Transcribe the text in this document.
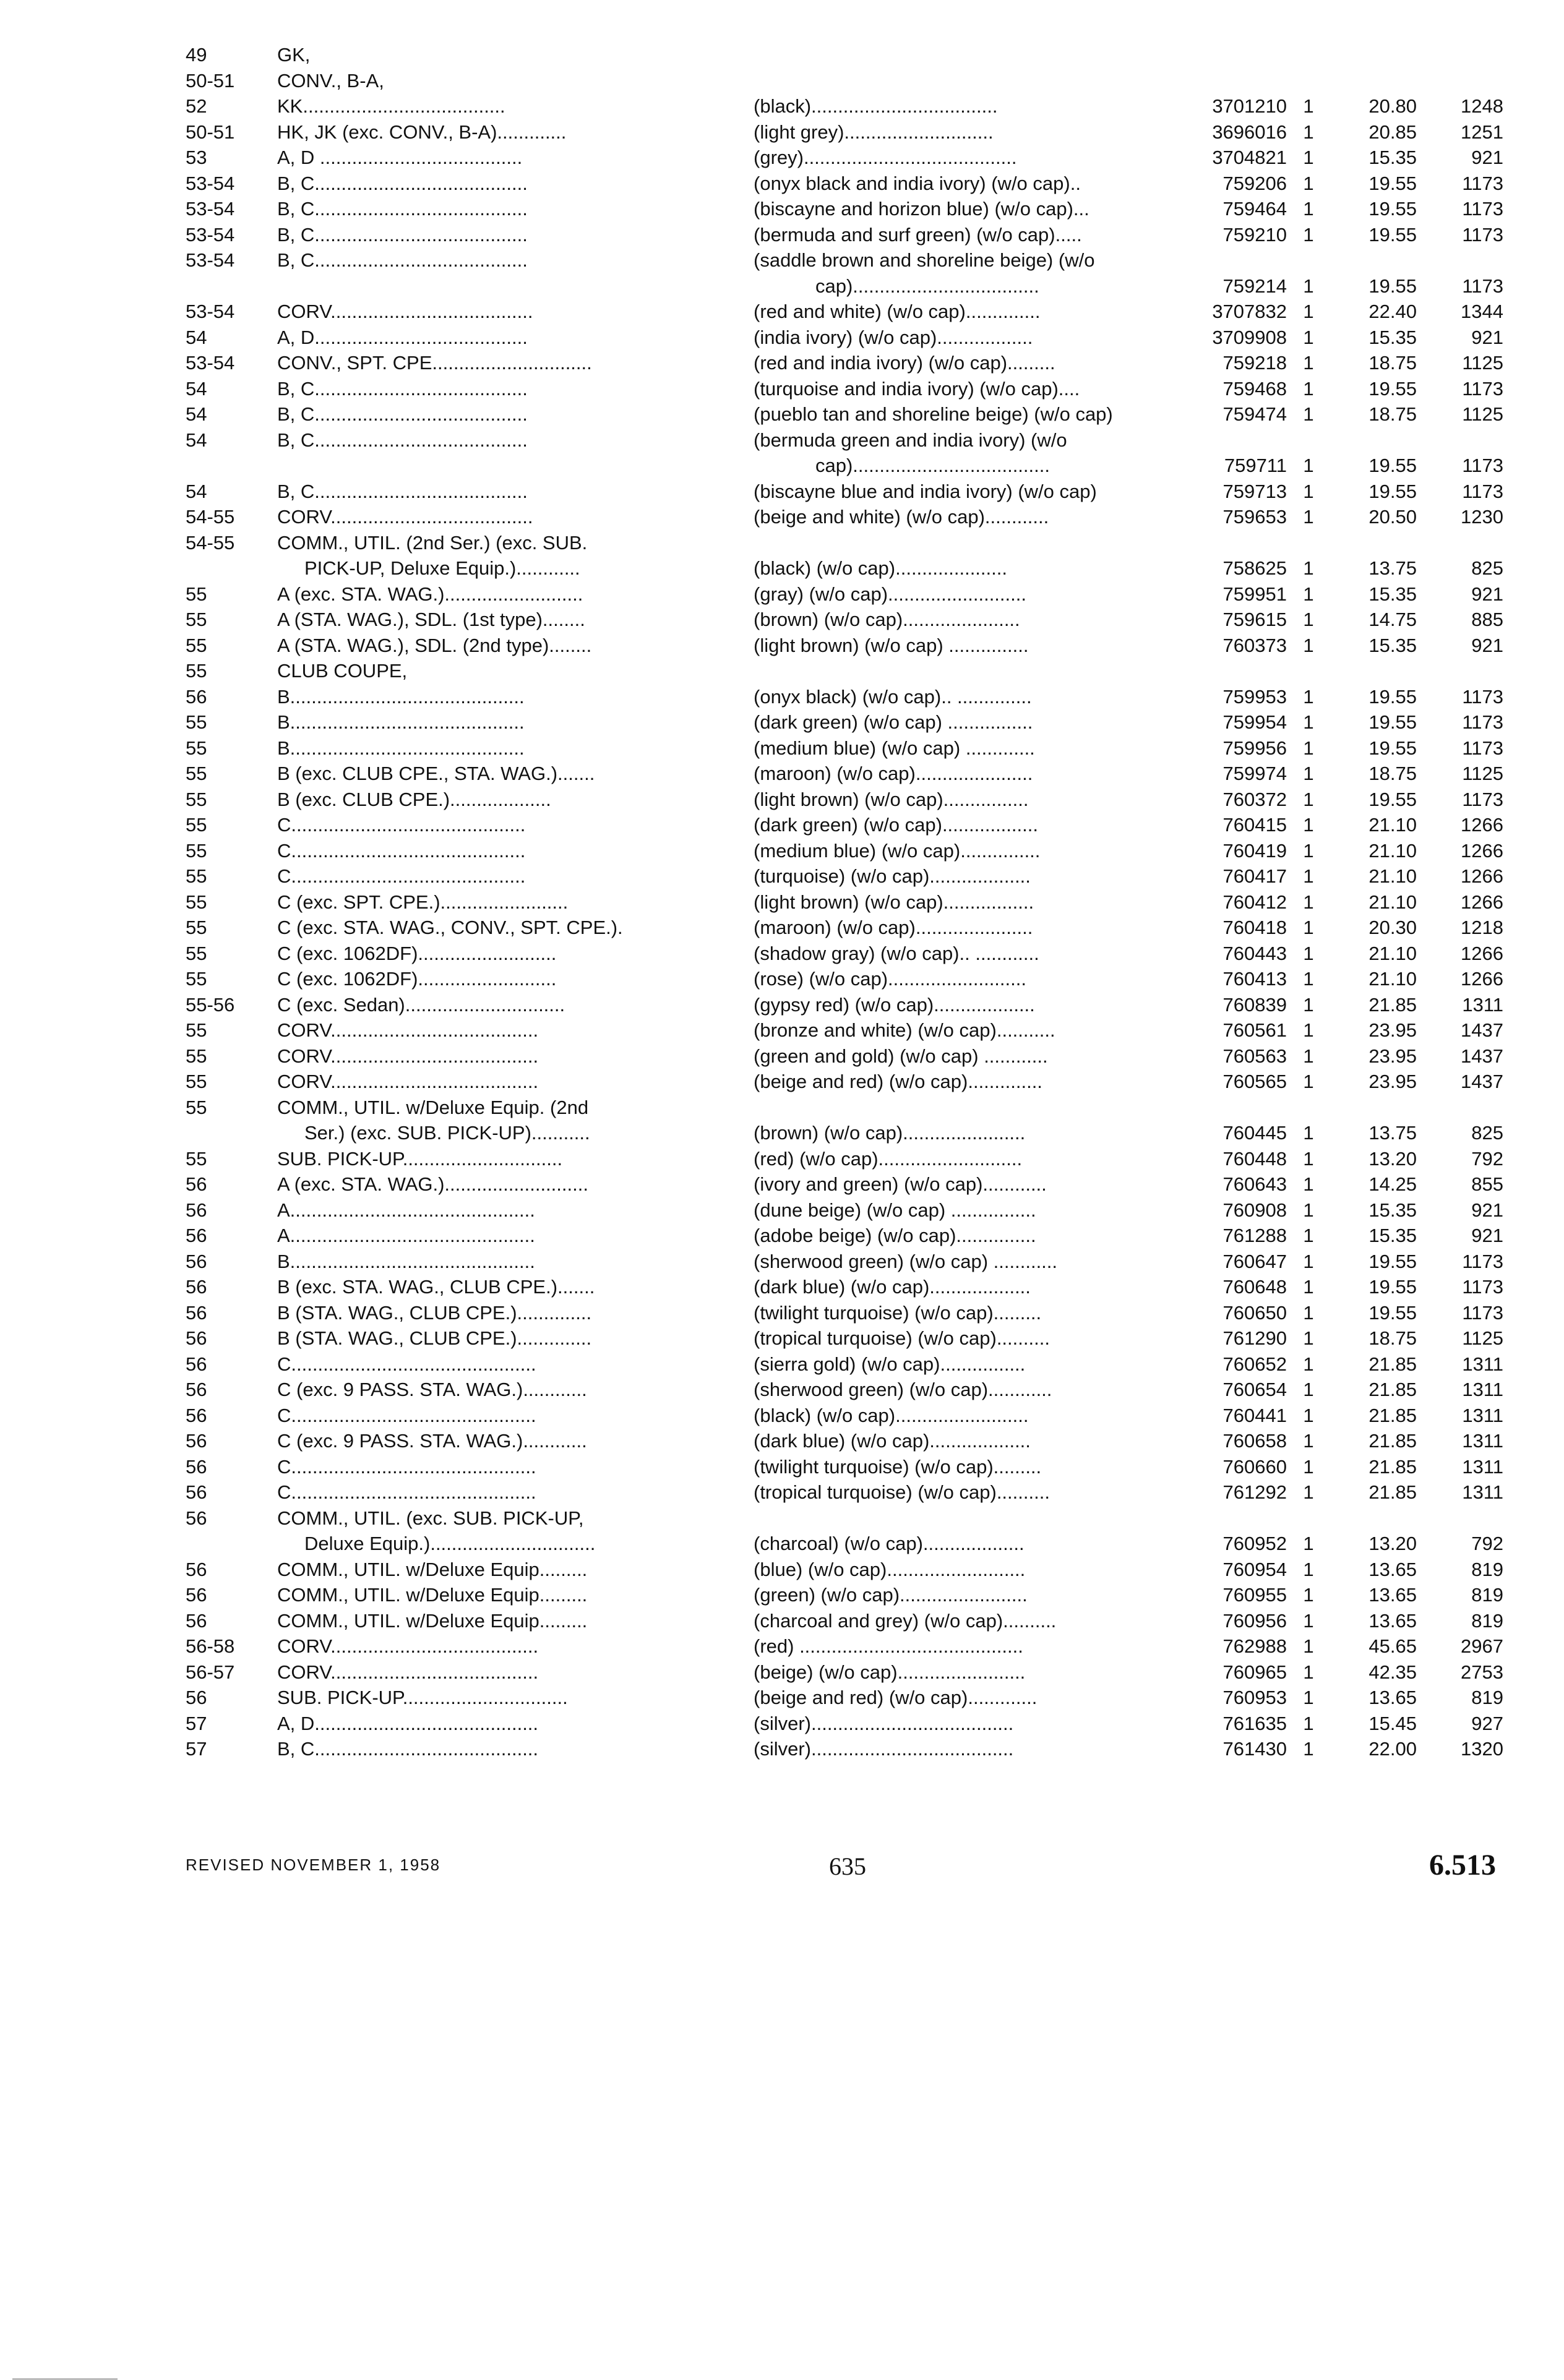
49	GK,
50-51	CONV., B-A,
52	KK......................................	(black)...................................	3701210 1	20.80	1248
50-51	HK, JK (exc. CONV., B-A).............	(light grey)............................	3696016 1	20.85	1251
53	A, D ......................................	(grey)........................................	3704821 1	15.35	921
53-54	B, C........................................	(onyx black and india ivory) (w/o cap)..	759206 1	19.55	1173
53-54	B, C........................................	(biscayne and horizon blue) (w/o cap)...	759464 1	19.55	1173
53-54	B, C........................................	(bermuda and surf green) (w/o cap).....	759210 1	19.55	1173
53-54	B, C........................................	(saddle brown and shoreline beige) (w/o
cap)...................................	759214 1	19.55	1173
53-54	CORV......................................	(red and white) (w/o cap)..............	3707832 1	22.40	1344
54	A, D........................................	(india ivory) (w/o cap)..................	3709908 1	15.35	921
53-54	CONV., SPT. CPE..............................	(red and india ivory) (w/o cap).........	759218 1	18.75	1125
54	B, C........................................	(turquoise and india ivory) (w/o cap)....	759468 1	19.55	1173
54	B, C........................................	(pueblo tan and shoreline beige) (w/o cap)	759474 1	18.75	1125
54	B, C........................................	(bermuda green and india ivory) (w/o
cap).....................................	759711 1	19.55	1173
54	B, C........................................	(biscayne blue and india ivory) (w/o cap)	759713 1	19.55	1173
54-55	CORV......................................	(beige and white) (w/o cap)............	759653 1	20.50	1230
54-55	COMM., UTIL. (2nd Ser.) (exc. SUB.
PICK-UP, Deluxe Equip.)............	(black) (w/o cap).....................	758625 1	13.75	825
55	A (exc. STA. WAG.)..........................	(gray) (w/o cap)..........................	759951 1	15.35	921
55	A (STA. WAG.), SDL. (1st type)........	(brown) (w/o cap)......................	759615 1	14.75	885
55	A (STA. WAG.), SDL. (2nd type)........	(light brown) (w/o cap) ...............	760373 1	15.35	921
55	CLUB COUPE,
56	B............................................	(onyx black) (w/o cap).. ..............	759953 1	19.55	1173
55	B............................................	(dark green) (w/o cap) ................	759954 1	19.55	1173
55	B............................................	(medium blue) (w/o cap) .............	759956 1	19.55	1173
55	B (exc. CLUB CPE., STA. WAG.).......	(maroon) (w/o cap)......................	759974 1	18.75	1125
55	B (exc. CLUB CPE.)...................	(light brown) (w/o cap)................	760372 1	19.55	1173
55	C............................................	(dark green) (w/o cap)..................	760415 1	21.10	1266
55	C............................................	(medium blue) (w/o cap)...............	760419 1	21.10	1266
55	C............................................	(turquoise) (w/o cap)...................	760417 1	21.10	1266
55	C (exc. SPT. CPE.)........................	(light brown) (w/o cap).................	760412 1	21.10	1266
55	C (exc. STA. WAG., CONV., SPT. CPE.).	(maroon) (w/o cap)......................	760418 1	20.30	1218
55	C (exc. 1062DF)..........................	(shadow gray) (w/o cap).. ............	760443 1	21.10	1266
55	C (exc. 1062DF)..........................	(rose) (w/o cap)..........................	760413 1	21.10	1266
55-56	C (exc. Sedan)..............................	(gypsy red) (w/o cap)...................	760839 1	21.85	1311
55	CORV.......................................	(bronze and white) (w/o cap)...........	760561 1	23.95	1437
55	CORV.......................................	(green and gold) (w/o cap) ............	760563 1	23.95	1437
55	CORV.......................................	(beige and red) (w/o cap)..............	760565 1	23.95	1437
55	COMM., UTIL. w/Deluxe Equip. (2nd
Ser.) (exc. SUB. PICK-UP)...........	(brown) (w/o cap).......................	760445 1	13.75	825
55	SUB. PICK-UP..............................	(red) (w/o cap)...........................	760448 1	13.20	792
56	A (exc. STA. WAG.)...........................	(ivory and green) (w/o cap)............	760643 1	14.25	855
56	A..............................................	(dune beige) (w/o cap) ................	760908 1	15.35	921
56	A..............................................	(adobe beige) (w/o cap)...............	761288 1	15.35	921
56	B..............................................	(sherwood green) (w/o cap) ............	760647 1	19.55	1173
56	B (exc. STA. WAG., CLUB CPE.).......	(dark blue) (w/o cap)...................	760648 1	19.55	1173
56	B (STA. WAG., CLUB CPE.)..............	(twilight turquoise) (w/o cap).........	760650 1	19.55	1173
56	B (STA. WAG., CLUB CPE.)..............	(tropical turquoise) (w/o cap)..........	761290 1	18.75	1125
56	C..............................................	(sierra gold) (w/o cap)................	760652 1	21.85	1311
56	C (exc. 9 PASS. STA. WAG.)............	(sherwood green) (w/o cap)............	760654 1	21.85	1311
56	C..............................................	(black) (w/o cap).........................	760441 1	21.85	1311
56	C (exc. 9 PASS. STA. WAG.)............	(dark blue) (w/o cap)...................	760658 1	21.85	1311
56	C..............................................	(twilight turquoise) (w/o cap).........	760660 1	21.85	1311
56	C..............................................	(tropical turquoise) (w/o cap)..........	761292 1	21.85	1311
56	COMM., UTIL. (exc. SUB. PICK-UP,
Deluxe Equip.)...............................	(charcoal) (w/o cap)...................	760952 1	13.20	792
56	COMM., UTIL. w/Deluxe Equip.........	(blue) (w/o cap)..........................	760954 1	13.65	819
56	COMM., UTIL. w/Deluxe Equip.........	(green) (w/o cap)........................	760955 1	13.65	819
56	COMM., UTIL. w/Deluxe Equip.........	(charcoal and grey) (w/o cap)..........	760956 1	13.65	819
56-58	CORV.......................................	(red) ..........................................	762988 1	45.65	2967
56-57	CORV.......................................	(beige) (w/o cap)........................	760965 1	42.35	2753
56	SUB. PICK-UP...............................	(beige and red) (w/o cap).............	760953 1	13.65	819
57	A, D..........................................	(silver)......................................	761635 1	15.45	927
57	B, C..........................................	(silver)......................................	761430 1	22.00	1320
REVISED NOVEMBER 1, 1958	635	6.513
